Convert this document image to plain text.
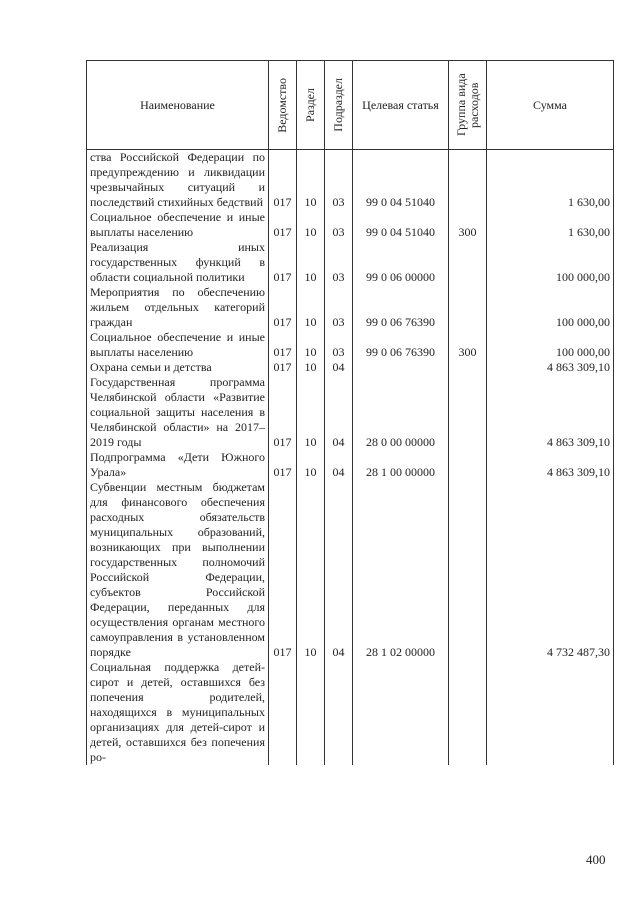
Наименование	Ведомство	Раздел	Подраздел	Целевая статья	Группа вида расходов	Сумма
ства Российской Федерации по предупреждению и ликвидации чрезвычайных ситуаций и последствий стихийных бедствий	017	10	03	99 0 04 51040		1 630,00
Социальное обеспечение и иные выплаты населению	017	10	03	99 0 04 51040	300	1 630,00
Реализация иных государственных функций в области социальной политики	017	10	03	99 0 06 00000		100 000,00
Мероприятия по обеспечению жильем отдельных категорий граждан	017	10	03	99 0 06 76390		100 000,00
Социальное обеспечение и иные выплаты населению	017	10	03	99 0 06 76390	300	100 000,00
Охрана семьи и детства	017	10	04			4 863 309,10
Государственная программа Челябинской области «Развитие социальной защиты населения в Челябинской области» на 2017–2019 годы	017	10	04	28 0 00 00000		4 863 309,10
Подпрограмма «Дети Южного Урала»	017	10	04	28 1 00 00000		4 863 309,10
Субвенции местным бюджетам для финансового обеспечения расходных обязательств муниципальных образований, возникающих при выполнении государственных полномочий Российской Федерации, субъектов Российской Федерации, переданных для осуществления органам местного самоуправления в установленном порядке	017	10	04	28 1 02 00000		4 732 487,30
Социальная поддержка детей-сирот и детей, оставшихся без попечения родителей, находящихся в муниципальных организациях для детей-сирот и детей, оставшихся без попечения ро-						
400
